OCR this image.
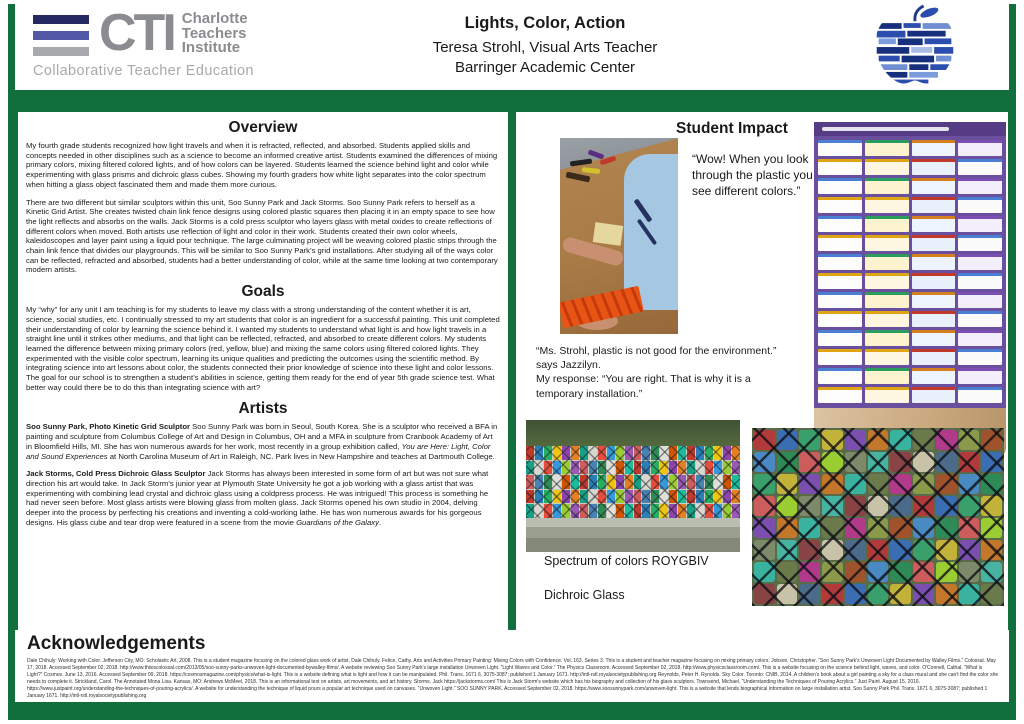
CTI Charlotte
Teachers
Institute
Collaborative Teacher Education
Lights, Color, Action
Teresa Strohl, Visual Arts Teacher
Barringer Academic Center
Overview

My fourth grade students recognized how light travels and when it is refracted, reflected, and absorbed. Students applied skills and concepts needed in other disciplines such as a science to become an informed creative artist. Students examined the differences of mixing primary colors, mixing filtered colored lights, and of how colors can be layered. Students learned the science behind light and color while experimenting with glass prisms and dichroic glass cubes. Showing my fourth graders how white light separates into the color spectrum when hitting a glass object fascinated them and made them more curious.

There are two different but similar sculptors within this unit, Soo Sunny Park and Jack Storms. Soo Sunny Park refers to herself as a Kinetic Grid Artist. She creates twisted chain link fence designs using colored plastic squares then placing it in an empty space to see how the light reflects and absorbs on the walls. Jack Storms is a cold press sculptor who layers glass with metal oxides to create reflections of different colors when moved. Both artists use reflection of light and color in their work. Students created their own color wheels, kaleidoscopes and layer paint using a liquid pour technique. The large culminating project will be weaving colored plastic strips through the chain link fence that divides our playgrounds. This will be similar to Soo Sunny Park’s grid installations. After studying all of the ways color can be reflected, refracted and absorbed, students had a better understanding of color, while at the same time looking at two contemporary modern artists.

Goals

My “why” for any unit I am teaching is for my students to leave my class with a strong understanding of the content whether it is art, science, social studies, etc. I continually stressed to my art students that color is an ingredient for a successful painting. This unit completed their understanding of color by learning the science behind it. I wanted my students to understand what light is and how light travels in a straight line until it strikes other mediums, and that light can be reflected, refracted, and absorbed to create different colors. My students learned the difference between mixing primary colors (red, yellow, blue) and mixing the same colors using filtered colored lights. They experimented with the visible color spectrum, learning its unique qualities and predicting the outcomes using the scientific method. By integrating science into art lessons about color, the students connected their prior knowledge of science into these light and color lessons. The goal for our school is to strengthen a student’s abilities in science, getting them ready for the end of year 5th grade science test. What better way could there be to do this than integrating science with art?

Artists

Soo Sunny Park, Photo Kinetic Grid Sculptor Soo Sunny Park was born in Seoul, South Korea. She is a sculptor who received a BFA in painting and sculpture from Columbus College of Art and Design in Columbus, OH and a MFA in sculpture from Cranbook Academy of Art in Bloomfield Hills, MI. She has won numerous awards for her work, most recently in a group exhibition called, You are Here: Light, Color and Sound Experiences at North Carolina Museum of Art in Raleigh, NC. Park lives in New Hampshire and teaches at Dartmouth College.

Jack Storms, Cold Press Dichroic Glass Sculptor Jack Storms has always been interested in some form of art but was not sure what direction his art would take. In Jack Storm’s junior year at Plymouth State University he got a job working with a glass artist that was experimenting with combining lead crystal and dichroic glass using a coldpress process. He was intrigued! This process is something he had never seen before. Most glass artists were blowing glass from molten glass. Jack Storms opened his own studio in 2004, delving deeper into the process by perfecting his creations and inventing a cold-working lathe. He has won numerous awards for his gorgeous designs. His glass cube and tear drop were featured in a scene from the movie Guardians of the Galaxy.

Student Impact
“Wow! When you look through the plastic you see different colors.”
“Ms. Strohl, plastic is not good for the environment.” says Jazzilyn.
My response: “You are right. That is why it is a temporary installation.”
Spectrum of colors ROYGBIV
Dichroic Glass
Acknowledgements
Dale Chihuly: Working with Color. Jefferson City, MO: Scholastic Art, 2008. This is a student magazine focusing on the colored glass work of artist, Dale Chihuly. Felice, Cathy. Arts and Activities Primary Painting: Mixing Colors with Confidence. Vol. 163. Series 3. This is a student and teacher magazine focusing on mixing primary colors. Jobson, Christopher. “Soo Sunny Park's Unwoven Light Documented by Walley Films.” Colossal. May 17, 2018. Accessed September 02, 2018. http://www.thisiscolossal.com/2013/05/soo-sunny-parks-unwoven-light-documented-bywalley-films/. A website reviewing Soo Sunny Park's large installation Unwoven Light. “Light Waves and Color.” The Physics Classroom. Accessed September 02, 2018. http://www.physicsclassroom.com/. This is a website focusing on the science behind light, waves, and color. O'Connell, Cathal. “What is Light?” Cosmos. June 13, 2016. Accessed September 09, 2018. https://cosmosmagazine.com/physics/what-is-light. This is a website defining what is light and how it can be manipulated. Phil. Trans. 1671 6, 3075-3087; published 1 January 1671. http://intl-rstl.royalsocietypublishing.org Reynolds, Peter H. Rynolds. Sky Color. Toronto: CNIB, 2014. A children's book about a girl painting a sky for a class mural and she can't find the color she needs to complete it. Strickland, Carol. The Annotated Mona Lisa. Kansas, MO: Andrews McMeel, 2018. This is an informational text on artists, art movements, and art history. Storms, Jack https://jackstorms.com/ This is Jack Storm's website which has his biography and collection of his glass sculptors. Townsend, Michael. “Understanding the Techniques of Pouring Acrylics.” Just Paint. August 15, 2016. https://www.justpaint.org/understanding-the-techniques-of-pouring-acrylics/. A website for understanding the technique of liquid pours a popular art technique used on canvases. “Unwoven Light.” SOO SUNNY PARK. Accessed September 02, 2018. https://www.soosunnypark.com/unwoven-light. This is a website that lends biographical information on large installation artist, Soo Sunny Park Phil. Trans. 1671 6, 3075-3087; published 1 January 1671. http://intl-rstl.royalsocietypublishing.org
